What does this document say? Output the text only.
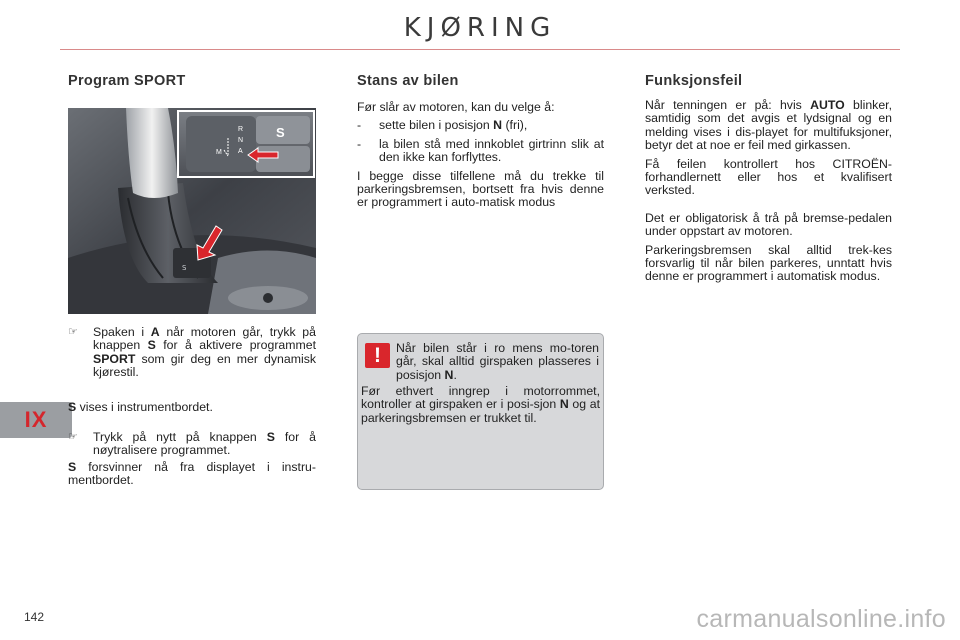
KJØRING
IX
Program SPORT
S
S
R
N
A
M
☞ Spaken i A når motoren går, trykk på knappen S for å aktivere programmet SPORT som gir deg en mer dynamisk kjørestil.
S vises i instrumentbordet.
☞ Trykk på nytt på knappen S for å nøytralisere programmet.
S forsvinner nå fra displayet i instru-mentbordet.
Stans av bilen

Før slår av motoren, kan du velge å:

- sette bilen i posisjon N (fri),
- la bilen stå med innkoblet girtrinn slik at den ikke kan forflyttes.

I begge disse tilfellene må du trekke til parkeringsbremsen, bortsett fra hvis denne er programmert i auto-matisk modus

!	Når bilen står i ro mens mo-toren går, skal alltid girspaken plasseres i posisjon N.
Før ethvert inngrep i motorrommet, kontroller at girspaken er i posi-sjon N og at parkeringsbremsen er trukket til.
Funksjonsfeil

Når tenningen er på: hvis AUTO blinker, samtidig som det avgis et lydsignal og en melding vises i dis-playet for multifuksjoner, betyr det at noe er feil med girkassen.

Få feilen kontrollert hos CITROËN-forhandlernett eller hos et kvalifisert verksted.

Det er obligatorisk å trå på bremse-pedalen under oppstart av motoren.

Parkeringsbremsen skal alltid trek-kes forsvarlig til når bilen parkeres, unntatt hvis denne er programmert i automatisk modus.

142	carmanualsonline.info
